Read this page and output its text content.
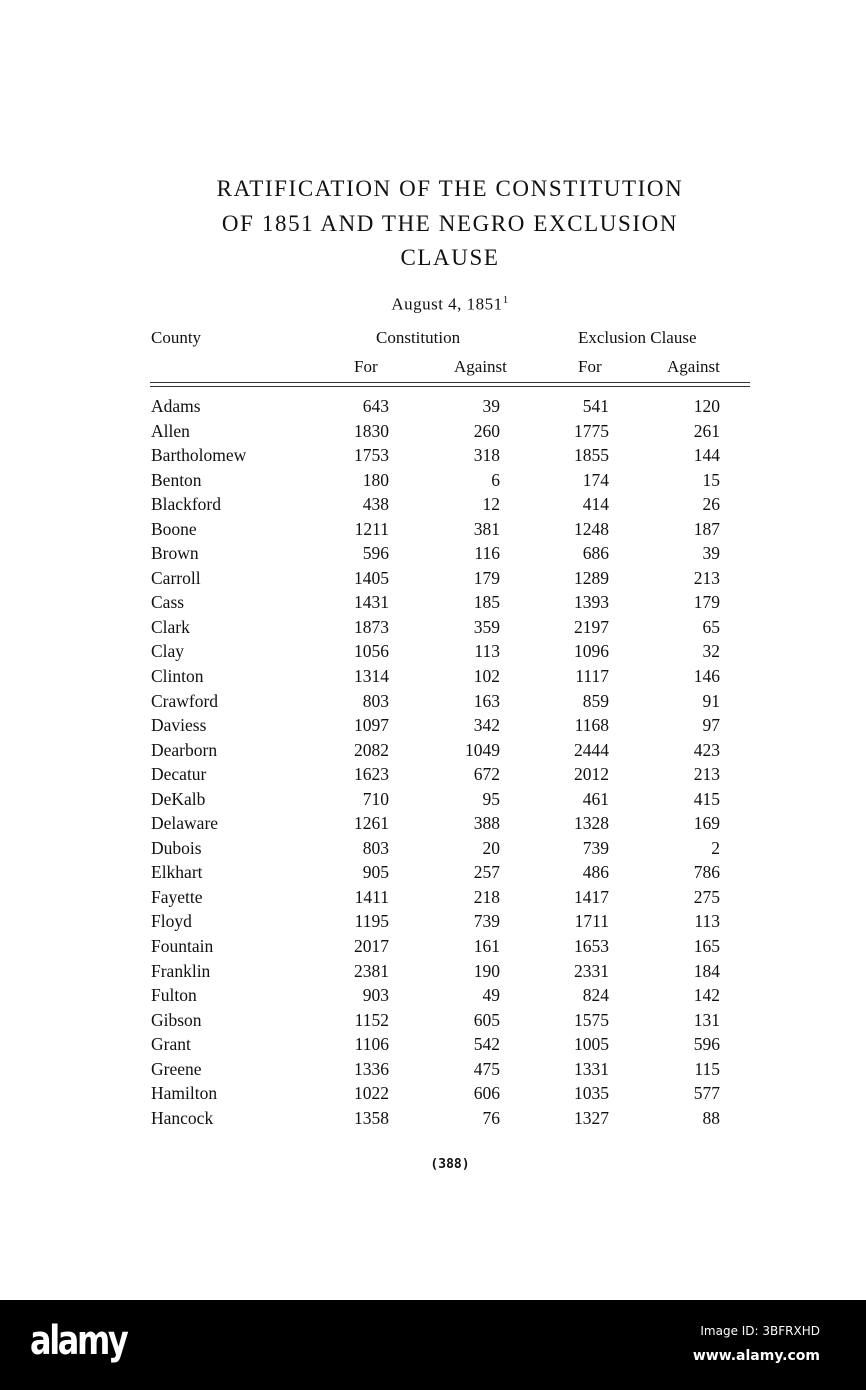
RATIFICATION OF THE CONSTITUTION
OF 1851 AND THE NEGRO EXCLUSION
CLAUSE
August 4, 1851$^1$
County	Constitution	Exclusion Clause
For	Against	For	Against
Adams	643	39	541	120
Allen	1830	260	1775	261
Bartholomew	1753	318	1855	144
Benton	180	6	174	15
Blackford	438	12	414	26
Boone	1211	381	1248	187
Brown	596	116	686	39
Carroll	1405	179	1289	213
Cass	1431	185	1393	179
Clark	1873	359	2197	65
Clay	1056	113	1096	32
Clinton	1314	102	1117	146
Crawford	803	163	859	91
Daviess	1097	342	1168	97
Dearborn	2082	1049	2444	423
Decatur	1623	672	2012	213
DeKalb	710	95	461	415
Delaware	1261	388	1328	169
Dubois	803	20	739	2
Elkhart	905	257	486	786
Fayette	1411	218	1417	275
Floyd	1195	739	1711	113
Fountain	2017	161	1653	165
Franklin	2381	190	2331	184
Fulton	903	49	824	142
Gibson	1152	605	1575	131
Grant	1106	542	1005	596
Greene	1336	475	1331	115
Hamilton	1022	606	1035	577
Hancock	1358	76	1327	88
(388)
alamy	Image ID: 3BFRXHD
www.alamy.com
